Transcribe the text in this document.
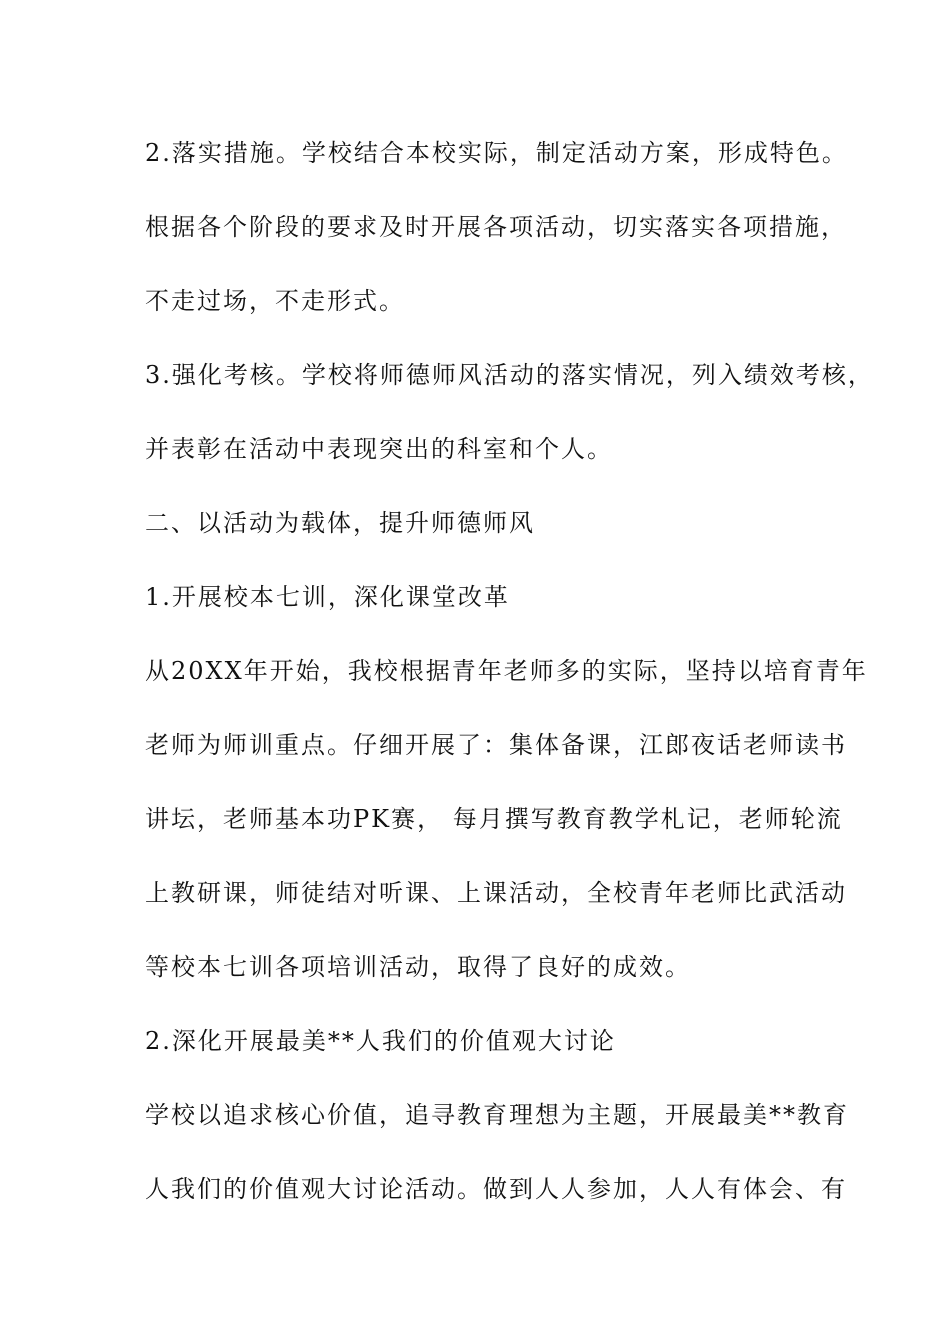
2.落实措施。学校结合本校实际，制定活动方案，形成特色。

根据各个阶段的要求及时开展各项活动，切实落实各项措施，

不走过场，不走形式。

3.强化考核。学校将师德师风活动的落实情况，列入绩效考核，

并表彰在活动中表现突出的科室和个人。

二、以活动为载体，提升师德师风

1.开展校本七训，深化课堂改革

从20XX年开始，我校根据青年老师多的实际，坚持以培育青年

老师为师训重点。仔细开展了：集体备课，江郎夜话老师读书

讲坛，老师基本功PK赛， 每月撰写教育教学札记，老师轮流

上教研课，师徒结对听课、上课活动，全校青年老师比武活动

等校本七训各项培训活动，取得了良好的成效。

2.深化开展最美**人我们的价值观大讨论

学校以追求核心价值，追寻教育理想为主题，开展最美**教育

人我们的价值观大讨论活动。做到人人参加，人人有体会、有
